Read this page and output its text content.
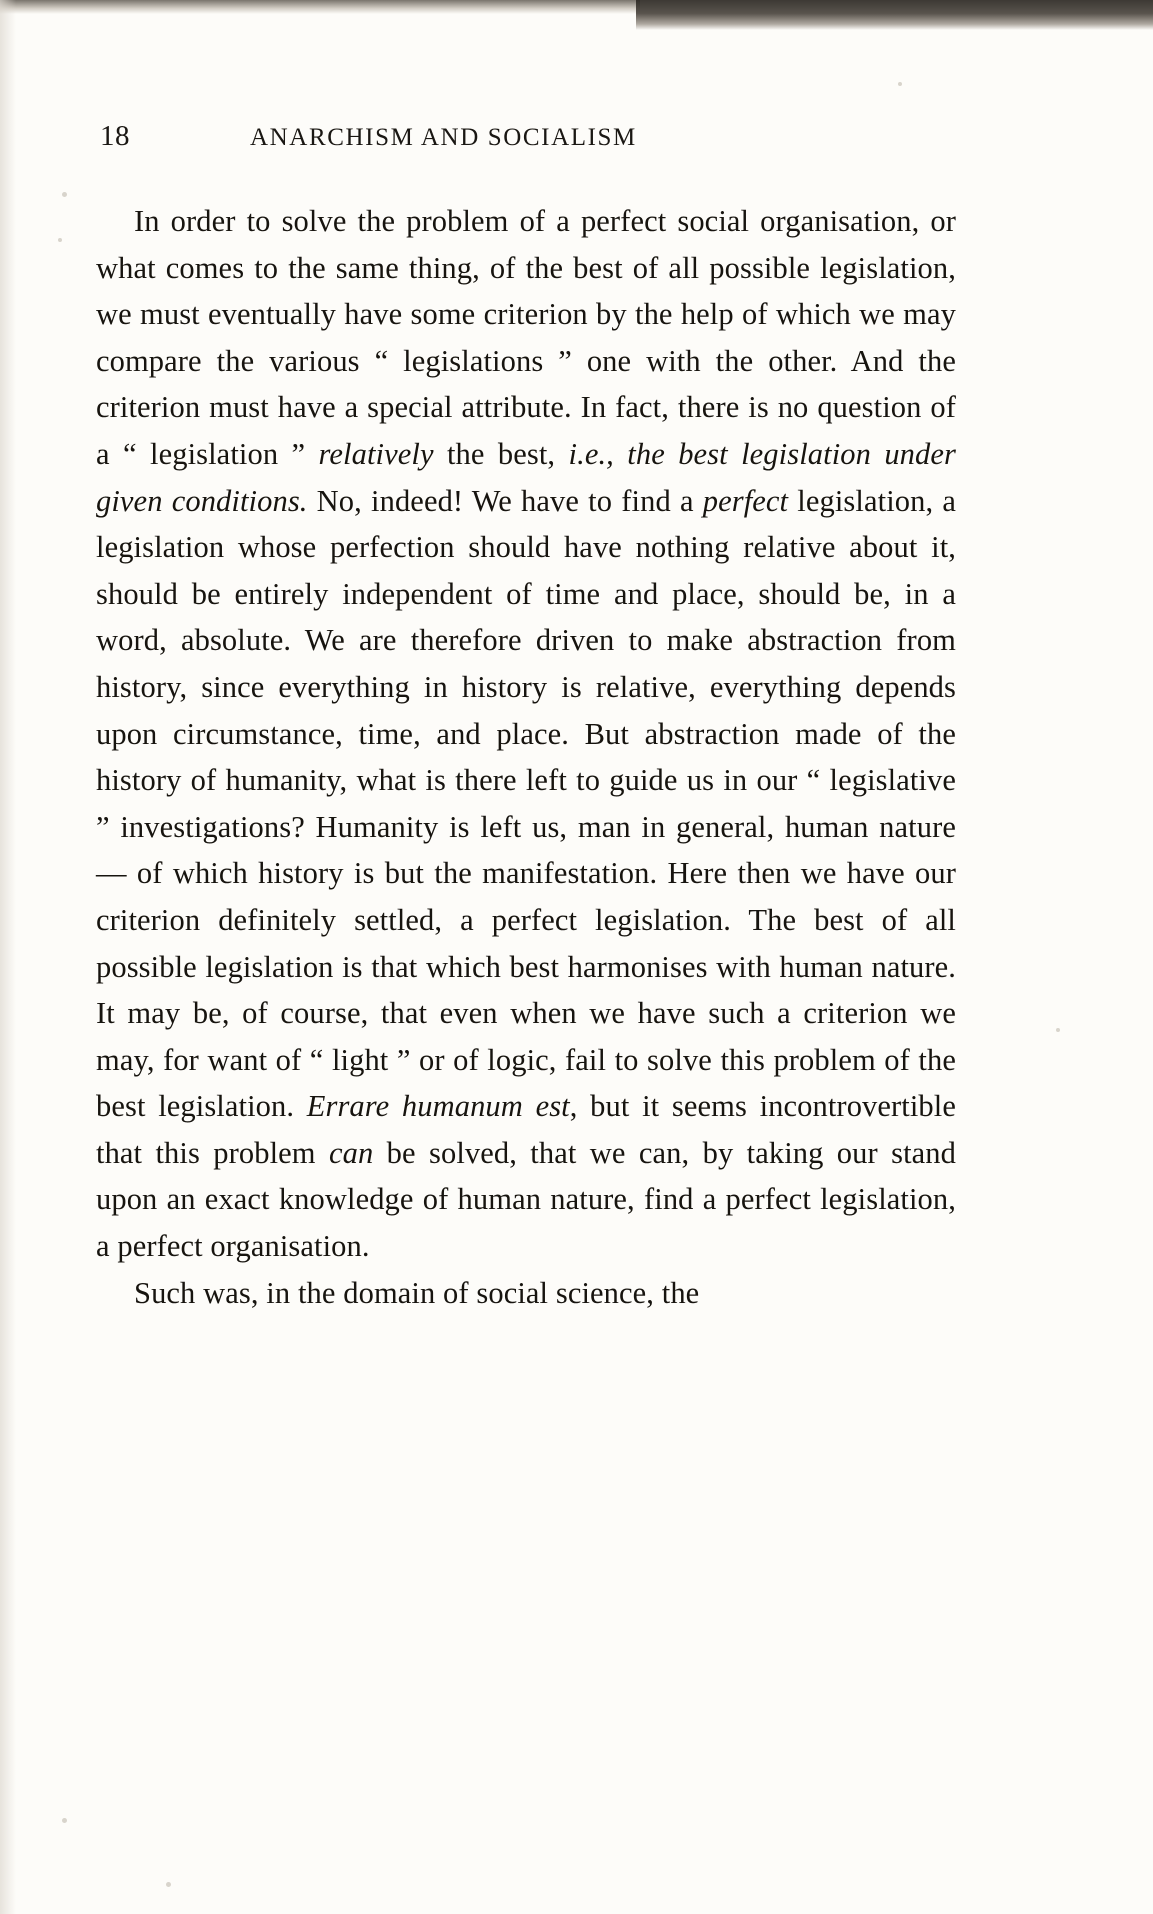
18	ANARCHISM AND SOCIALISM

In order to solve the problem of a perfect social organisation, or what comes to the same thing, of the best of all possible legislation, we must eventually have some criterion by the help of which we may compare the various “ legislations ” one with the other. And the criterion must have a special attribute. In fact, there is no question of a “ legislation ” relatively the best, i.e., the best legislation under given conditions. No, indeed! We have to find a perfect legislation, a legislation whose perfection should have nothing relative about it, should be entirely independent of time and place, should be, in a word, absolute. We are therefore driven to make abstraction from history, since everything in history is relative, everything depends upon circumstance, time, and place. But abstraction made of the history of humanity, what is there left to guide us in our “ legislative ” investigations? Humanity is left us, man in general, human nature — of which history is but the manifestation. Here then we have our criterion definitely settled, a perfect legislation. The best of all possible legislation is that which best harmonises with human nature. It may be, of course, that even when we have such a criterion we may, for want of “ light ” or of logic, fail to solve this problem of the best legislation. Errare humanum est, but it seems incontrovertible that this problem can be solved, that we can, by taking our stand upon an exact knowledge of human nature, find a perfect legislation, a perfect organisation.

Such was, in the domain of social science, the
